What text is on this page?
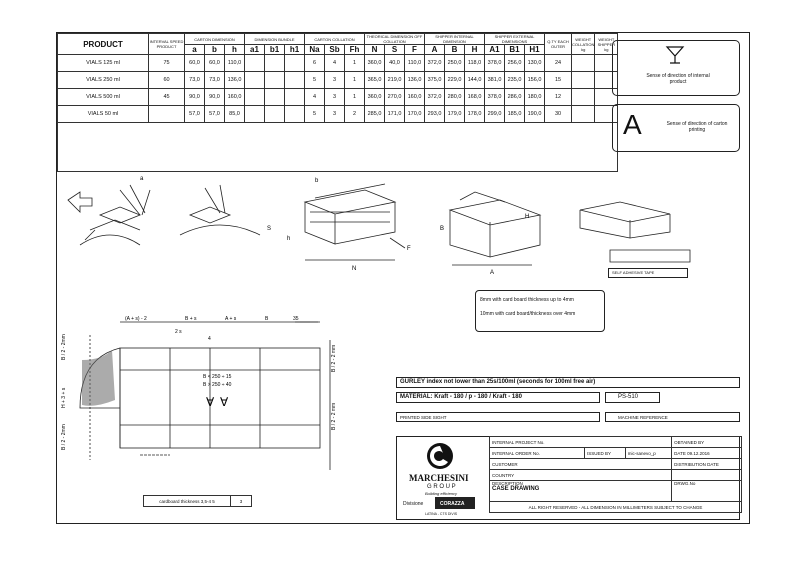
PRODUCT	INTERVAL SPEED PRODUCT	CARTON DIMENSION			DIMENSION BUNDLE			CARTON COLLATION			THEORICAL DIMENSION OFF COLLATION			SHIPPER INTERNAL DIMENSION			SHIPPER EXTERNAL DIMENSIONS			Q.TY EACH OUTER	WEIGHT COLLATION kg	WEIGHT SHIPPER kg
		a	b	h	a1	b1	h1	Na	Sb	Fh	N	S	F	A	B	H	A1	B1	H1			
VIALS 125 ml	75	60,0	60,0	110,0				6	4	1	360,0	40,0	110,0	372,0	250,0	118,0	378,0	256,0	130,0	24		
VIALS 250 ml	60	73,0	73,0	136,0				5	3	1	365,0	219,0	136,0	375,0	229,0	144,0	381,0	235,0	156,0	15		
VIALS 500 ml	45	90,0	90,0	160,0				4	3	1	360,0	270,0	160,0	372,0	280,0	168,0	378,0	286,0	180,0	12		
VIALS 50 ml		57,0	57,0	85,0				5	3	2	285,0	171,0	170,0	293,0	179,0	178,0	299,0	185,0	190,0	30		

Sense of direction of internal product
A	Sense of direction of carton printing
S
N
F
A
B
a	b
h
H
SELF ADHESIVE TAPE
8mm with card board thickness up to 4mm
10mm with card board/thickness over 4mm
(A + s) - 2	B + s	A + s	B	35
2 s
4
B < 250 ÷ 15
B > 250 ÷ 40
∀ ∀
B / 2 - 2mm
H + 3 + s
B / 2 - 2mm
B / 2 - 2 mm
B / 2 - 2 mm
cardboard thickness 3,5-4 5	3
GURLEY index not lower than 25s/100ml (seconds for 100ml free air)
MATERIAL: Kraft - 180 / p - 180 / Kraft - 180	PS-510
PRINTED SIDE SIGHT	MACHINE REFERENCE
MARCHESINI
G R O U P
Building efficiency
Divisione	CORAZZA
LATINA - CTS DIVIS
INTERNAL PROJECT No.			OBTAINED BY
INTERNAL ORDER No.	ISSUED BY	mic-sanevo_p	DATE 09.12.2016
CUSTOMER			DISTRIBUTION DATE
COUNTRY			
DESCRIPTION
CASE DRAWING			DRWG.No
ALL RIGHT RESERVED - ALL DIMENSION IN MILLIMETERS SUBJECT TO CHANGE			
